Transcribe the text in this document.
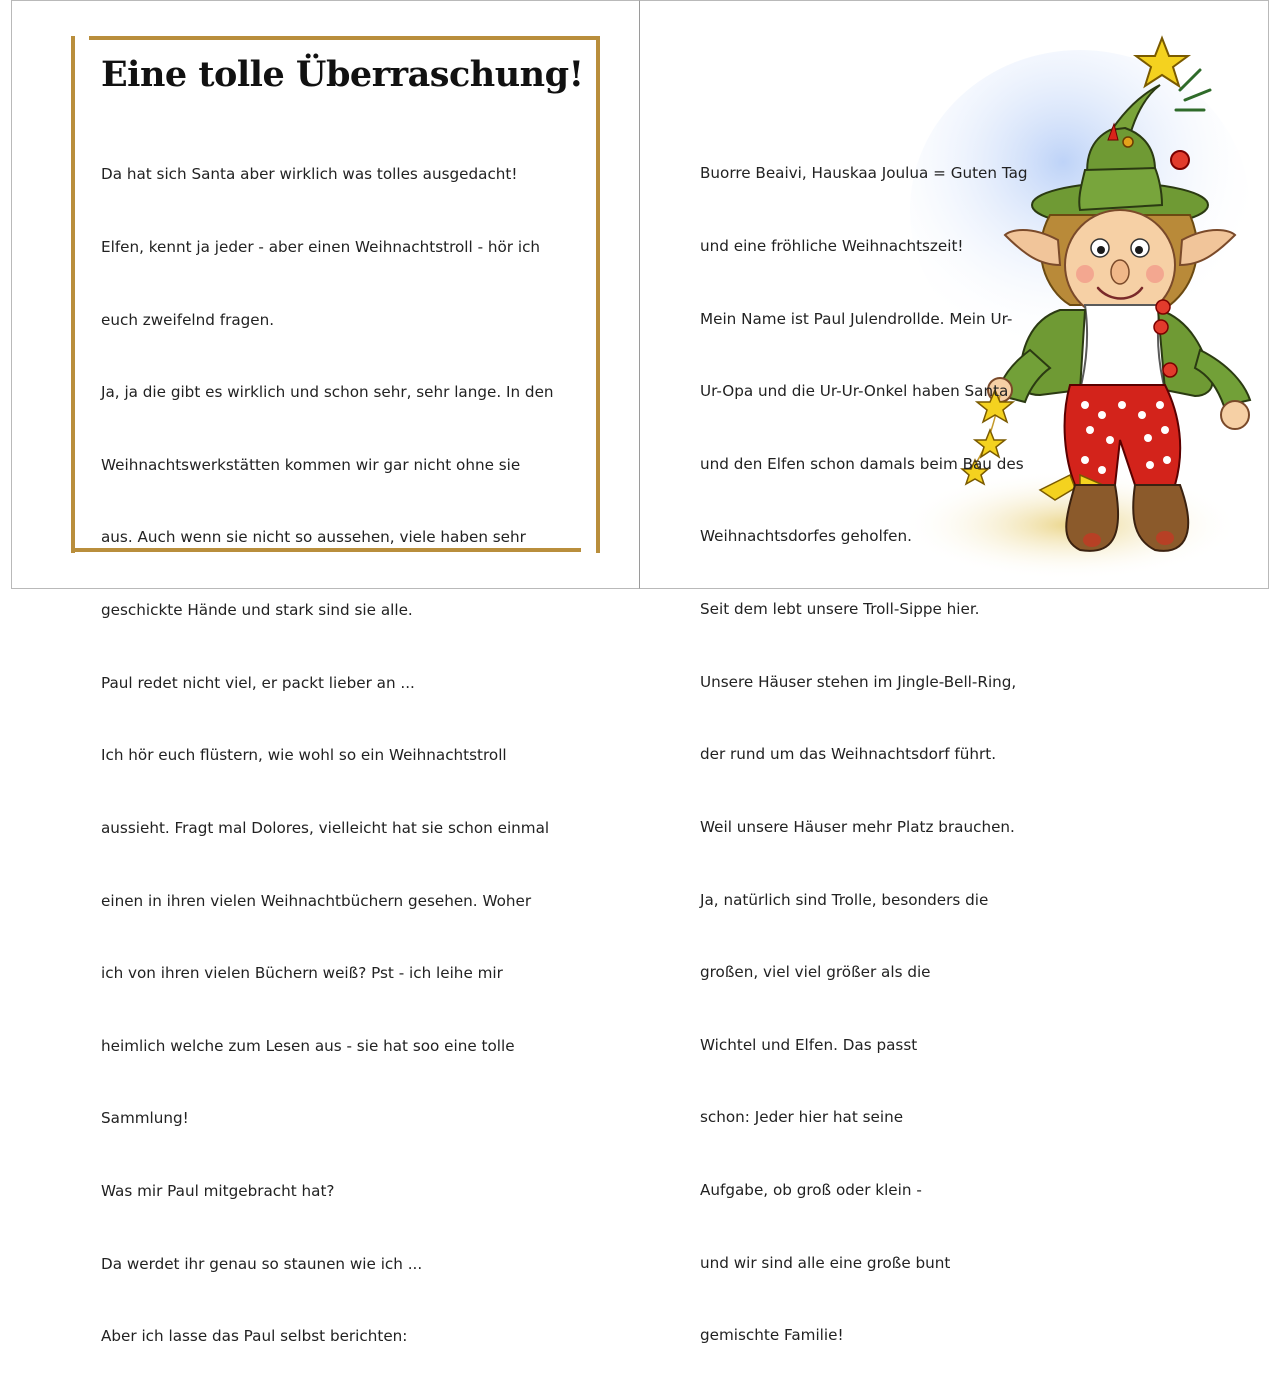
Eine tolle Überraschung!

Da hat sich Santa aber wirklich was tolles ausgedacht!

Elfen, kennt ja jeder - aber einen Weihnachtstroll - hör ich

euch zweifelnd fragen.

Ja, ja die gibt es wirklich und schon sehr, sehr lange. In den

Weihnachtswerkstätten kommen wir gar nicht ohne sie

aus. Auch wenn sie nicht so aussehen, viele haben sehr

geschickte Hände und stark sind sie alle.

Paul redet nicht viel, er packt lieber an ...

Ich hör euch flüstern, wie wohl so ein Weihnachtstroll

aussieht. Fragt mal Dolores, vielleicht hat sie schon einmal

einen in ihren vielen Weihnachtbüchern gesehen. Woher

ich von ihren vielen Büchern weiß? Pst - ich leihe mir

heimlich welche zum Lesen aus - sie hat soo eine tolle

Sammlung!

Was mir Paul mitgebracht hat?

Da werdet ihr genau so staunen wie ich ...

Aber ich lasse das Paul selbst berichten:

Buorre Beaivi, Hauskaa Joulua = Guten Tag

und eine fröhliche Weihnachtszeit!

Mein Name ist Paul Julendrollde. Mein Ur-

Ur-Opa und die Ur-Ur-Onkel haben Santa

und den Elfen schon damals beim Bau des

Weihnachtsdorfes geholfen.

Seit dem lebt unsere Troll-Sippe hier.

Unsere Häuser stehen im Jingle-Bell-Ring,

der rund um das Weihnachtsdorf führt.

Weil unsere Häuser mehr Platz brauchen.

Ja, natürlich sind Trolle, besonders die

großen, viel viel größer als die

Wichtel und Elfen. Das passt

schon: Jeder hier hat seine

Aufgabe, ob groß oder klein -

und wir sind alle eine große bunt

gemischte Familie!
